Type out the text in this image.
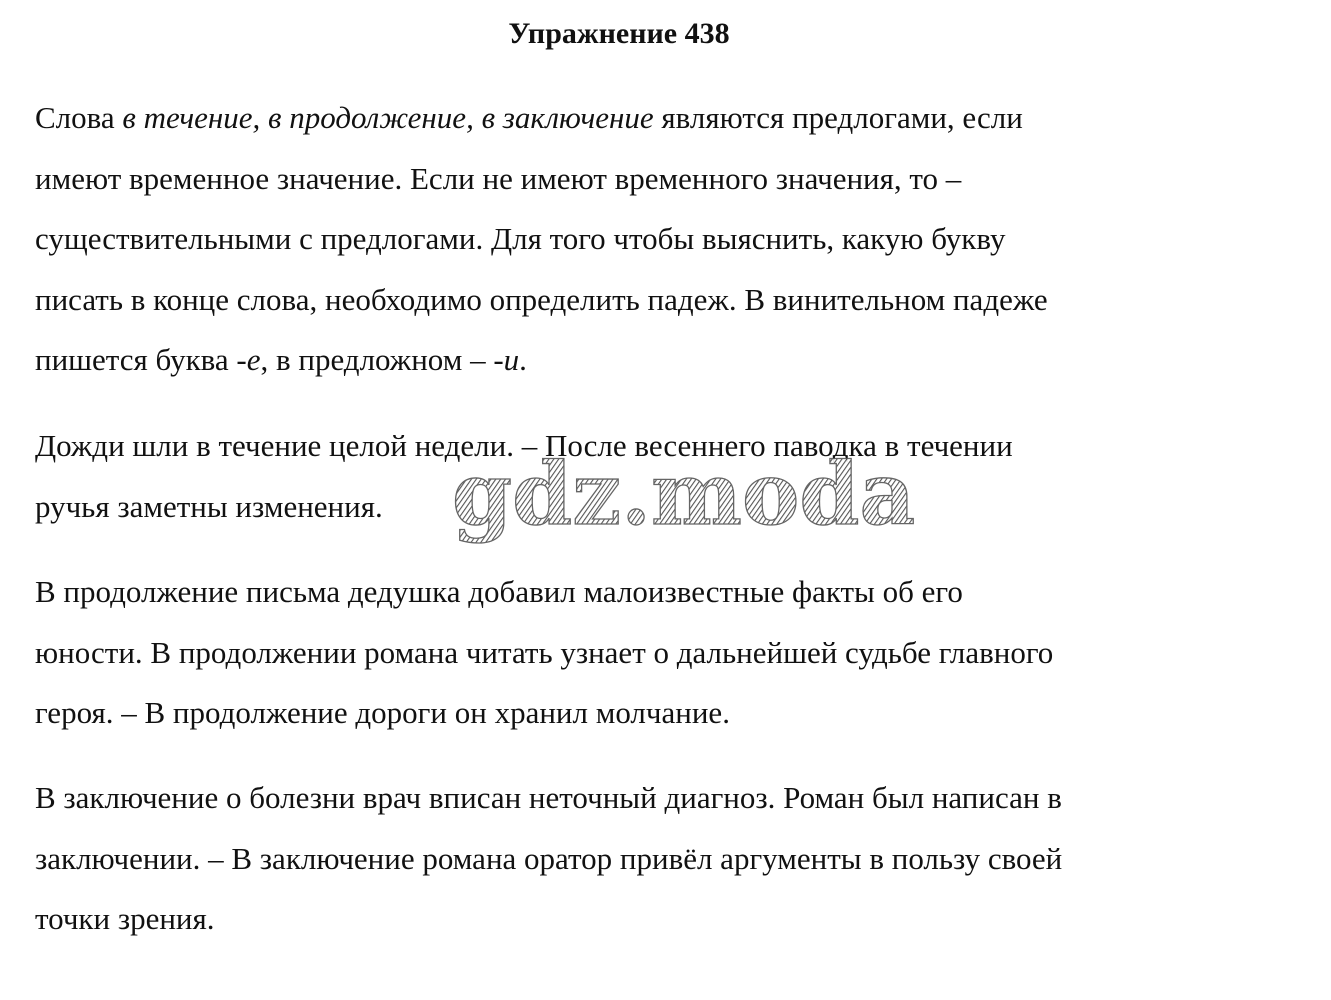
Упражнение 438

Слова в течение, в продолжение, в заключение являются предлогами, если
имеют временное значение. Если не имеют временного значения, то –
существительными с предлогами. Для того чтобы выяснить, какую букву
писать в конце слова, необходимо определить падеж. В винительном падеже
пишется буква -е, в предложном – -и.

Дожди шли в течение целой недели. – После весеннего паводка в течении
ручья заметны изменения.

В продолжение письма дедушка добавил малоизвестные факты об его
юности. В продолжении романа читать узнает о дальнейшей судьбе главного
героя. – В продолжение дороги он хранил молчание.

В заключение о болезни врач вписан неточный диагноз. Роман был написан в
заключении. – В заключение романа оратор привёл аргументы в пользу своей
точки зрения.

gdz.moda
